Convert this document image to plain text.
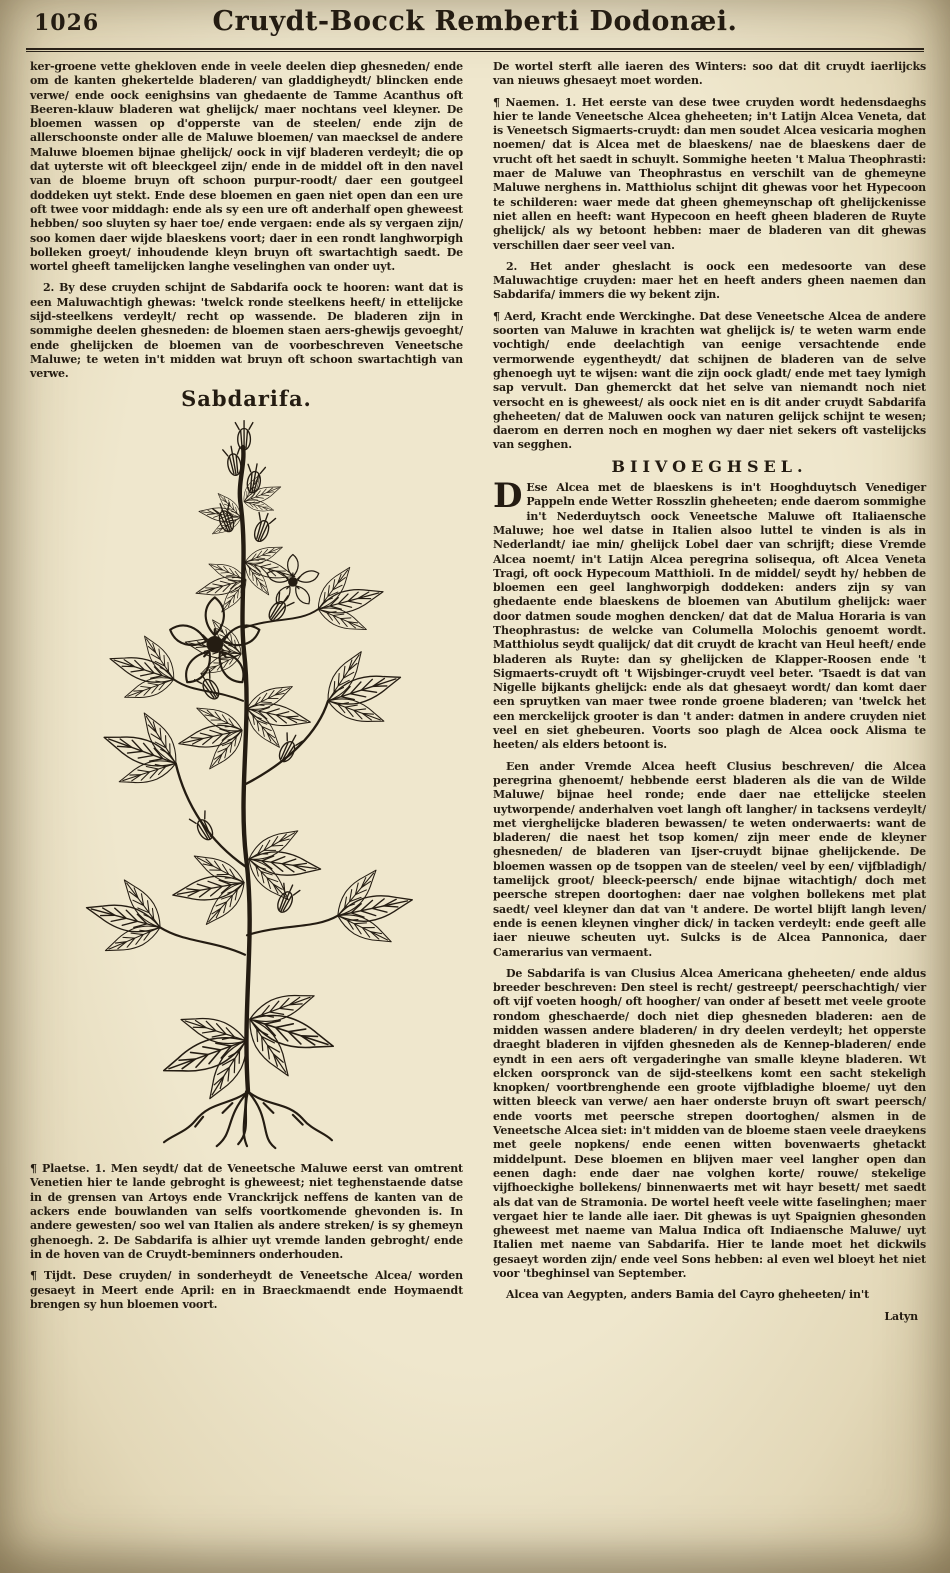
1026	Cruydt-Bocck Remberti Dodonæi.

ker-groene vette ghekloven ende in veele deelen diep ghesneden/ ende om de kanten ghekertelde bladeren/ van gladdigheydt/ blincken ende verwe/ ende oock eenighsins van ghedaente de Tamme Acanthus oft Beeren-klauw bladeren wat ghelijck/ maer nochtans veel kleyner. De bloemen wassen op d'opperste van de steelen/ ende zijn de allerschoonste onder alle de Maluwe bloemen/ van maecksel de andere Maluwe bloemen bijnae ghelijck/ oock in vijf bladeren verdeylt; die op dat uyterste wit oft bleeckgeel zijn/ ende in de middel oft in den navel van de bloeme bruyn oft schoon purpur-roodt/ daer een goutgeel doddeken uyt stekt. Ende dese bloemen en gaen niet open dan een ure oft twee voor middagh: ende als sy een ure oft anderhalf open gheweest hebben/ soo sluyten sy haer toe/ ende vergaen: ende als sy vergaen zijn/ soo komen daer wijde blaeskens voort; daer in een rondt langhworpigh bolleken groeyt/ inhoudende kleyn bruyn oft swartachtigh saedt. De wortel gheeft tamelijcken langhe veselinghen van onder uyt.

2. By dese cruyden schijnt de Sabdarifa oock te hooren: want dat is een Maluwachtigh ghewas: 'twelck ronde steelkens heeft/ in ettelijcke sijd-steelkens verdeylt/ recht op wassende. De bladeren zijn in sommighe deelen ghesneden: de bloemen staen aers-ghewijs gevoeght/ ende ghelijcken de bloemen van de voorbeschreven Veneetsche Maluwe; te weten in't midden wat bruyn oft schoon swartachtigh van verwe.

Sabdarifa.

¶ Plaetse. 1. Men seydt/ dat de Veneetsche Maluwe eerst van omtrent Venetien hier te lande gebroght is gheweest; niet teghenstaende datse in de grensen van Artoys ende Vranckrijck neffens de kanten van de ackers ende bouwlanden van selfs voortkomende ghevonden is. In andere gewesten/ soo wel van Italien als andere streken/ is sy ghemeyn ghenoegh. 2. De Sabdarifa is alhier uyt vremde landen gebroght/ ende in de hoven van de Cruydt-beminners onderhouden.

¶ Tijdt. Dese cruyden/ in sonderheydt de Veneetsche Alcea/ worden gesaeyt in Meert ende April: en in Braeckmaendt ende Hoymaendt brengen sy hun bloemen voort.

De wortel sterft alle iaeren des Winters: soo dat dit cruydt iaerlijcks van nieuws ghesaeyt moet worden.

¶ Naemen. 1. Het eerste van dese twee cruyden wordt hedensdaeghs hier te lande Veneetsche Alcea gheheeten; in't Latijn Alcea Veneta, dat is Veneetsch Sigmaerts-cruydt: dan men soudet Alcea vesicaria moghen noemen/ dat is Alcea met de blaeskens/ nae de blaeskens daer de vrucht oft het saedt in schuylt. Sommighe heeten 't Malua Theophrasti: maer de Maluwe van Theophrastus en verschilt van de ghemeyne Maluwe nerghens in. Matthiolus schijnt dit ghewas voor het Hypecoon te schilderen: waer mede dat gheen ghemeynschap oft ghelijckenisse niet allen en heeft: want Hypecoon en heeft gheen bladeren de Ruyte ghelijck/ als wy betoont hebben: maer de bladeren van dit ghewas verschillen daer seer veel van.

2. Het ander gheslacht is oock een medesoorte van dese Maluwachtige cruyden: maer het en heeft anders gheen naemen dan Sabdarifa/ immers die wy bekent zijn.

¶ Aerd, Kracht ende Werckinghe. Dat dese Veneetsche Alcea de andere soorten van Maluwe in krachten wat ghelijck is/ te weten warm ende vochtigh/ ende deelachtigh van eenige versachtende ende vermorwende eygentheydt/ dat schijnen de bladeren van de selve ghenoegh uyt te wijsen: want die zijn oock gladt/ ende met taey lymigh sap vervult. Dan ghemerckt dat het selve van niemandt noch niet versocht en is gheweest/ als oock niet en is dit ander cruydt Sabdarifa gheheeten/ dat de Maluwen oock van naturen gelijck schijnt te wesen; daerom en derren noch en moghen wy daer niet sekers oft vastelijcks van segghen.

BIIVOEGHSEL.

D Ese Alcea met de blaeskens is in't Hooghduytsch Venediger Pappeln ende Wetter Rosszlin gheheeten; ende daerom sommighe in't Nederduytsch oock Veneetsche Maluwe oft Italiaensche Maluwe; hoe wel datse in Italien alsoo luttel te vinden is als in Nederlandt/ iae min/ ghelijck Lobel daer van schrijft; diese Vremde Alcea noemt/ in't Latijn Alcea peregrina solisequa, oft Alcea Veneta Tragi, oft oock Hypecoum Matthioli. In de middel/ seydt hy/ hebben de bloemen een geel langhworpigh doddeken: anders zijn sy van ghedaente ende blaeskens de bloemen van Abutilum ghelijck: waer door datmen soude moghen dencken/ dat dat de Malua Horaria is van Theophrastus: de welcke van Columella Molochis genoemt wordt. Matthiolus seydt qualijck/ dat dit cruydt de kracht van Heul heeft/ ende bladeren als Ruyte: dan sy ghelijcken de Klapper-Roosen ende 't Sigmaerts-cruydt oft 't Wijsbinger-cruydt veel beter. 'Tsaedt is dat van Nigelle bijkants ghelijck: ende als dat ghesaeyt wordt/ dan komt daer een spruytken van maer twee ronde groene bladeren; van 'twelck het een merckelijck grooter is dan 't ander: datmen in andere cruyden niet veel en siet ghebeuren. Voorts soo plagh de Alcea oock Alisma te heeten/ als elders betoont is.

Een ander Vremde Alcea heeft Clusius beschreven/ die Alcea peregrina ghenoemt/ hebbende eerst bladeren als die van de Wilde Maluwe/ bijnae heel ronde; ende daer nae ettelijcke steelen uytworpende/ anderhalven voet langh oft langher/ in tacksens verdeylt/ met vierghelijcke bladeren bewassen/ te weten onderwaerts: want de bladeren/ die naest het tsop komen/ zijn meer ende de kleyner ghesneden/ de bladeren van Ijser-cruydt bijnae ghelijckende. De bloemen wassen op de tsoppen van de steelen/ veel by een/ vijfbladigh/ tamelijck groot/ bleeck-peersch/ ende bijnae witachtigh/ doch met peersche strepen doortoghen: daer nae volghen bollekens met plat saedt/ veel kleyner dan dat van 't andere. De wortel blijft langh leven/ ende is eenen kleynen vingher dick/ in tacken verdeylt: ende geeft alle iaer nieuwe scheuten uyt. Sulcks is de Alcea Pannonica, daer Camerarius van vermaent.

De Sabdarifa is van Clusius Alcea Americana gheheeten/ ende aldus breeder beschreven: Den steel is recht/ gestreept/ peerschachtigh/ vier oft vijf voeten hoogh/ oft hoogher/ van onder af besett met veele groote rondom gheschaerde/ doch niet diep ghesneden bladeren: aen de midden wassen andere bladeren/ in dry deelen verdeylt; het opperste draeght bladeren in vijfden ghesneden als de Kennep-bladeren/ ende eyndt in een aers oft vergaderinghe van smalle kleyne bladeren. Wt elcken oorspronck van de sijd-steelkens komt een sacht stekeligh knopken/ voortbrenghende een groote vijfbladighe bloeme/ uyt den witten bleeck van verwe/ aen haer onderste bruyn oft swart peersch/ ende voorts met peersche strepen doortoghen/ alsmen in de Veneetsche Alcea siet: in't midden van de bloeme staen veele draeykens met geele nopkens/ ende eenen witten bovenwaerts ghetackt middelpunt. Dese bloemen en blijven maer veel langher open dan eenen dagh: ende daer nae volghen korte/ rouwe/ stekelige vijfhoeckighe bollekens/ binnenwaerts met wit hayr besett/ met saedt als dat van de Stramonia. De wortel heeft veele witte faselinghen; maer vergaet hier te lande alle iaer. Dit ghewas is uyt Spaignien ghesonden gheweest met naeme van Malua Indica oft Indiaensche Maluwe/ uyt Italien met naeme van Sabdarifa. Hier te lande moet het dickwils gesaeyt worden zijn/ ende veel Sons hebben: al even wel bloeyt het niet voor 'tbeghinsel van September.

Alcea van Aegypten, anders Bamia del Cayro gheheeten/ in't

Latyn
